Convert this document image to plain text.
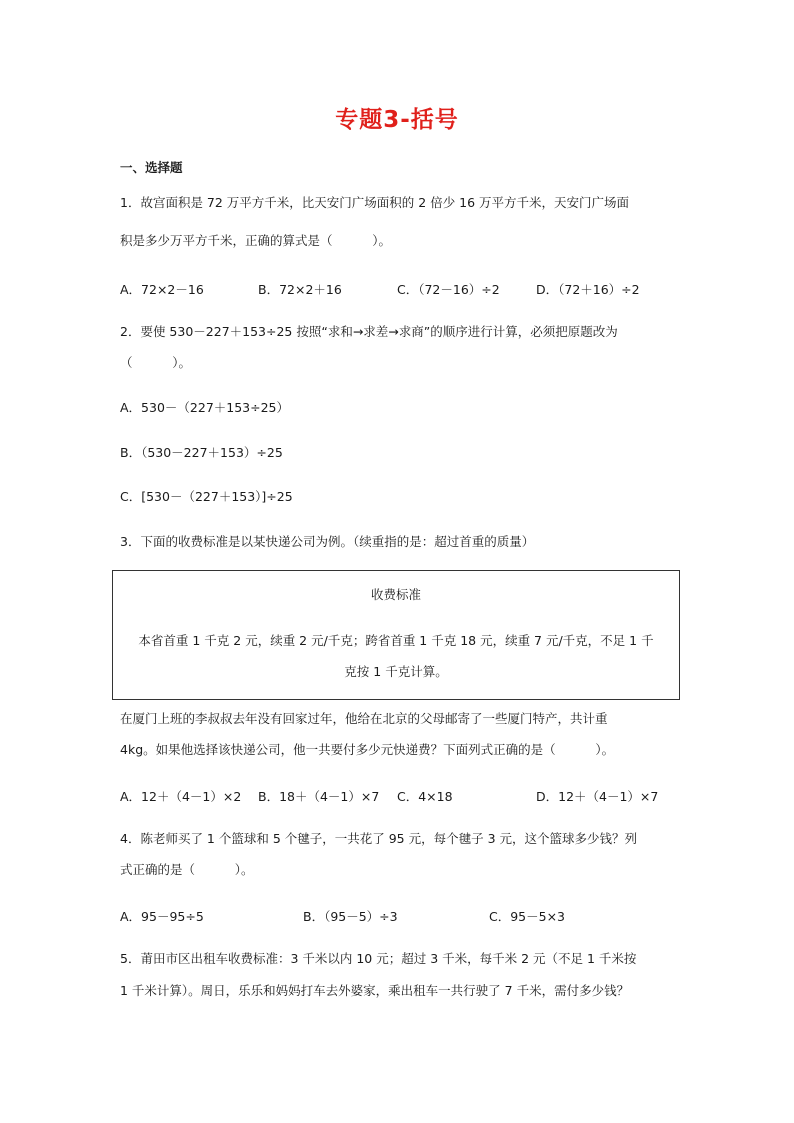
专题3-括号
一、选择题
1．故宫面积是 72 万平方千米，比天安门广场面积的 2 倍少 16 万平方千米，天安门广场面
积是多少万平方千米，正确的算式是（          ）。

A．72×2－16

	B．72×2＋16

	C．（72－16）÷2

	D．（72＋16）÷2

2．要使 530－227＋153÷25 按照“求和→求差→求商”的顺序进行计算，必须把原题改为
（          ）。
A．530－（227＋153÷25）
B．（530－227＋153）÷25
C．[530－（227＋153）]÷25
3．下面的收费标准是以某快递公司为例。（续重指的是：超过首重的质量）
收费标准
本省首重 1 千克 2 元，续重 2 元/千克；跨省首重 1 千克 18 元，续重 7 元/千克，不足 1 千
克按 1 千克计算。
在厦门上班的李叔叔去年没有回家过年，他给在北京的父母邮寄了一些厦门特产，共计重
4kg。如果他选择该快递公司，他一共要付多少元快递费？下面列式正确的是（          ）。

A．12＋（4－1）×2

B．18＋（4－1）×7

C．4×18

	D．12＋（4－1）×7

4．陈老师买了 1 个篮球和 5 个毽子，一共花了 95 元，每个毽子 3 元，这个篮球多少钱？列
式正确的是（          ）。

A．95－95÷5

	B．（95－5）÷3

	C．95－5×3

5．莆田市区出租车收费标准：3 千米以内 10 元；超过 3 千米，每千米 2 元（不足 1 千米按
1 千米计算）。周日，乐乐和妈妈打车去外婆家，乘出租车一共行驶了 7 千米，需付多少钱？
